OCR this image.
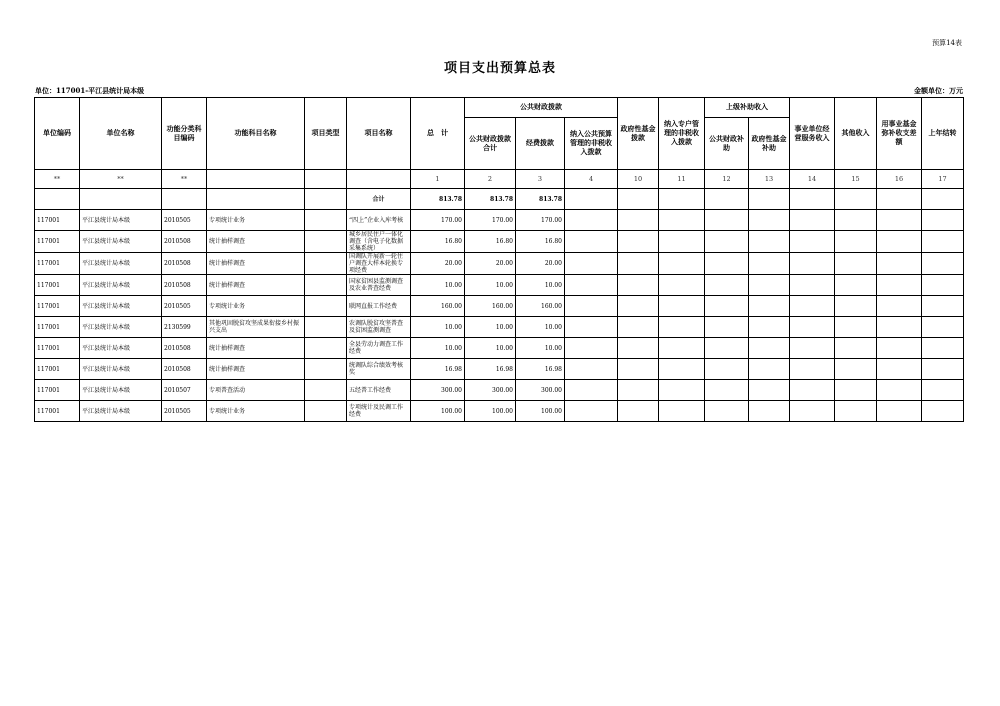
预算14表
项目支出预算总表
单位：117001-平江县统计局本级	金额单位：万元
单位编码	单位名称	功能分类科目编码	功能科目名称	项目类型	项目名称	总　计	公共财政拨款			政府性基金拨款	纳入专户管理的非税收入拨款	上级补助收入		事业单位经营服务收入	其他收入	用事业基金弥补收支差额	上年结转
							公共财政拨款合计	经费拨款	纳入公共预算管理的非税收入拨款			公共财政补助	政府性基金补助				
**	**	**				1	2	3	4	10	11	12	13	14	15	16	17
					合计	813.78	813.78	813.78									
117001	平江县统计局本级	2010505	专项统计业务		“四上”企业入库考核	170.00	170.00	170.00									
117001	平江县统计局本级	2010508	统计抽样调查		城乡居民住户一体化调查（含电子化数据采集系统）	16.80	16.80	16.80									
117001	平江县统计局本级	2010508	统计抽样调查		国调队开展新一轮住户调查大样本轮换专项经费	20.00	20.00	20.00									
117001	平江县统计局本级	2010508	统计抽样调查		国家贫困县监测调查及农业普查经费	10.00	10.00	10.00									
117001	平江县统计局本级	2010505	专项统计业务		联网直报工作经费	160.00	160.00	160.00									
117001	平江县统计局本级	2130599	其他巩固脱贫攻坚成果衔接乡村振兴支出		农调队脱贫攻坚普查及贫困监测调查	10.00	10.00	10.00									
117001	平江县统计局本级	2010508	统计抽样调查		全县劳动力调查工作经费	10.00	10.00	10.00									
117001	平江县统计局本级	2010508	统计抽样调查		统调队综合绩效考核奖	16.98	16.98	16.98									
117001	平江县统计局本级	2010507	专项普查活动		五经普工作经费	300.00	300.00	300.00									
117001	平江县统计局本级	2010505	专项统计业务		专项统计及民调工作经费	100.00	100.00	100.00									
